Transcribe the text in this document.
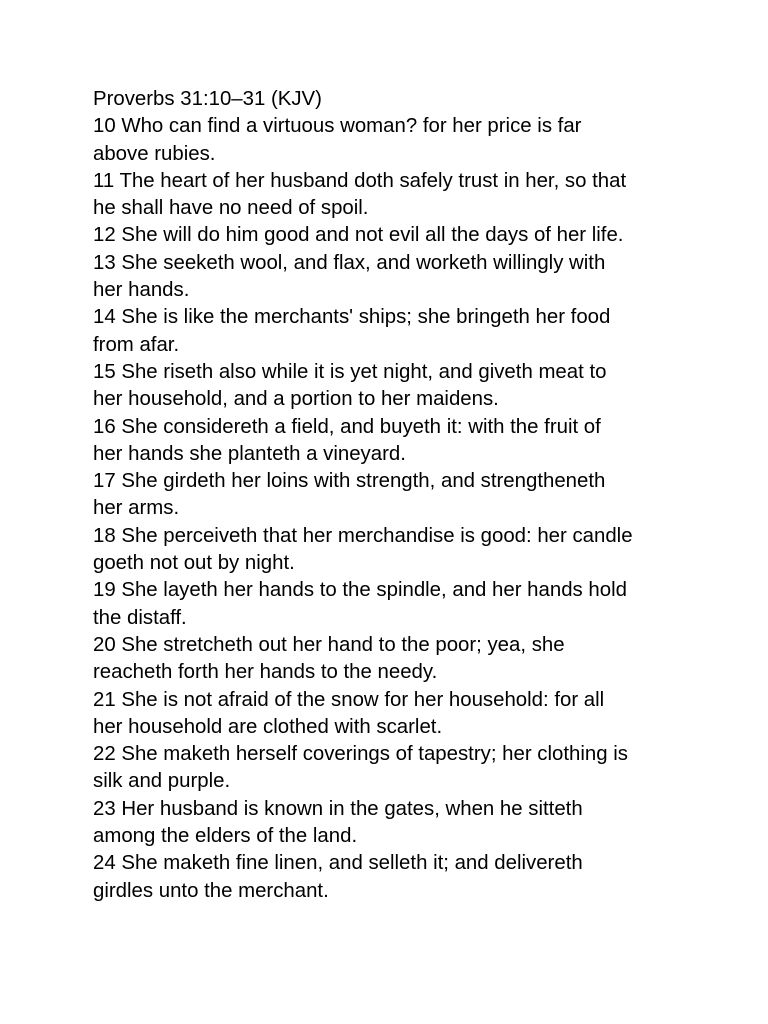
Proverbs 31:10–31 (KJV)
10 Who can find a virtuous woman? for her price is far
above rubies.
11 The heart of her husband doth safely trust in her, so that
he shall have no need of spoil.
12 She will do him good and not evil all the days of her life.
13 She seeketh wool, and flax, and worketh willingly with
her hands.
14 She is like the merchants' ships; she bringeth her food
from afar.
15 She riseth also while it is yet night, and giveth meat to
her household, and a portion to her maidens.
16 She considereth a field, and buyeth it: with the fruit of
her hands she planteth a vineyard.
17 She girdeth her loins with strength, and strengtheneth
her arms.
18 She perceiveth that her merchandise is good: her candle
goeth not out by night.
19 She layeth her hands to the spindle, and her hands hold
the distaff.
20 She stretcheth out her hand to the poor; yea, she
reacheth forth her hands to the needy.
21 She is not afraid of the snow for her household: for all
her household are clothed with scarlet.
22 She maketh herself coverings of tapestry; her clothing is
silk and purple.
23 Her husband is known in the gates, when he sitteth
among the elders of the land.
24 She maketh fine linen, and selleth it; and delivereth
girdles unto the merchant.
